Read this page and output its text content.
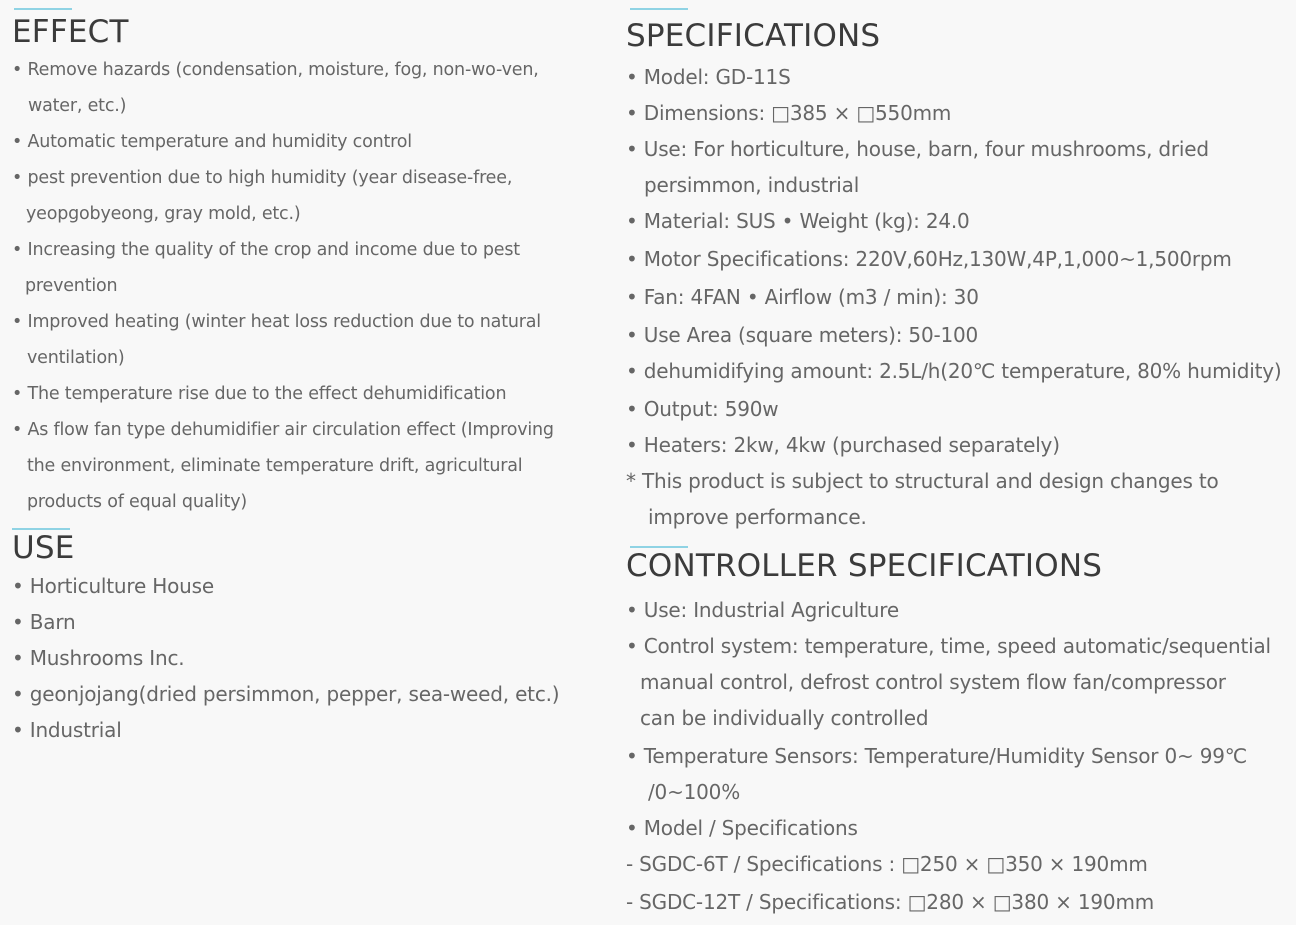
EFFECT
• Remove hazards (condensation, moisture, fog, non-wo-ven,
water, etc.)
• Automatic temperature and humidity control
• pest prevention due to high humidity (year disease-free,
yeopgobyeong, gray mold, etc.)
• Increasing the quality of the crop and income due to pest
prevention
• Improved heating (winter heat loss reduction due to natural
ventilation)
• The temperature rise due to the effect dehumidification
• As flow fan type dehumidifier air circulation effect (Improving
the environment, eliminate temperature drift, agricultural
products of equal quality)
USE
• Horticulture House
• Barn
• Mushrooms Inc.
• geonjojang(dried persimmon, pepper, sea-weed, etc.)
• Industrial
SPECIFICATIONS
• Model: GD-11S
• Dimensions: □385 × □550mm
• Use: For horticulture, house, barn, four mushrooms, dried
persimmon, industrial
• Material: SUS • Weight (kg): 24.0
• Motor Specifications: 220V,60Hz,130W,4P,1,000~1,500rpm
• Fan: 4FAN • Airflow (m3 / min): 30
• Use Area (square meters): 50-100
• dehumidifying amount: 2.5L/h(20℃ temperature, 80% humidity)
• Output: 590w
• Heaters: 2kw, 4kw (purchased separately)
* This product is subject to structural and design changes to
improve performance.
CONTROLLER SPECIFICATIONS
• Use: Industrial Agriculture
• Control system: temperature, time, speed automatic/sequential
manual control, defrost control system flow fan/compressor
can be individually controlled
• Temperature Sensors: Temperature/Humidity Sensor 0~ 99℃
/0~100%
• Model / Specifications
- SGDC-6T / Specifications : □250 × □350 × 190mm
- SGDC-12T / Specifications: □280 × □380 × 190mm
